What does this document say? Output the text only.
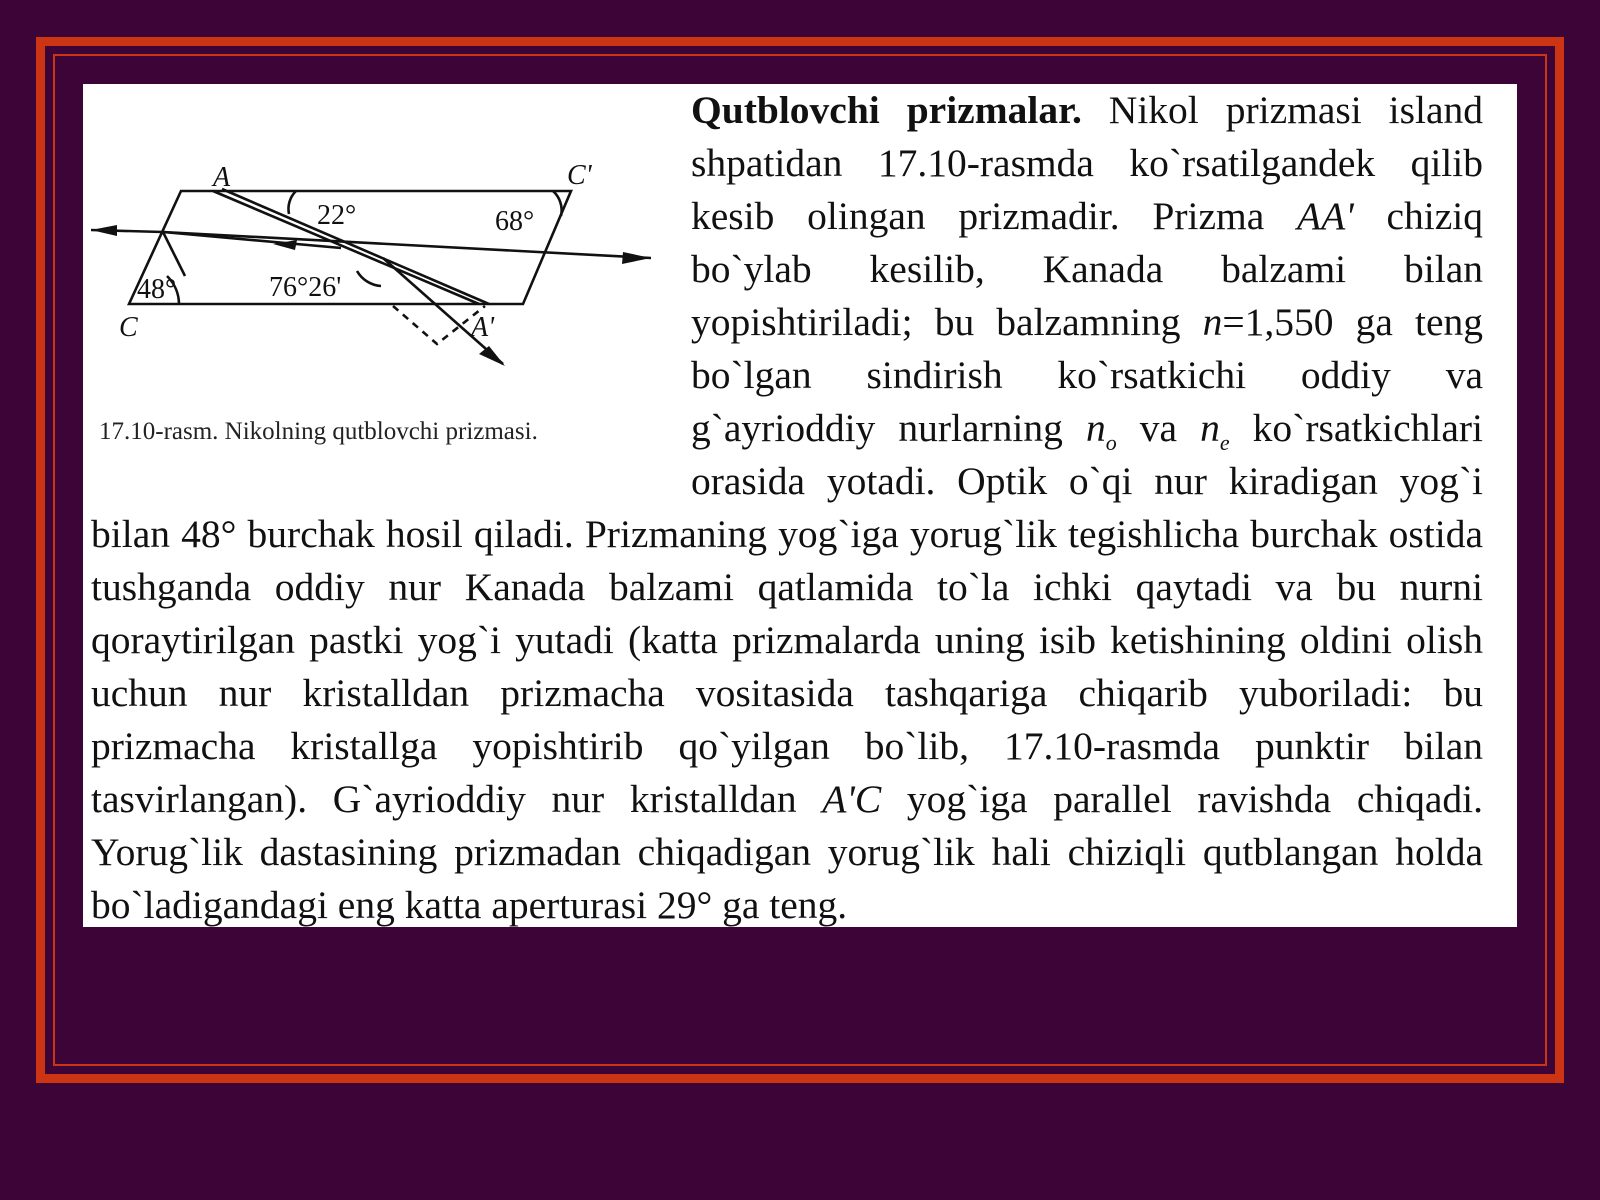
A	C'
C	A'
22°	68°
48°	76°26'
17.10-rasm. Nikolning qutblovchi prizmasi.

Qutblovchi prizmalar. Nikol prizmasi island shpatidan 17.10-rasmda ko`rsatilgandek qilib kesib olingan prizmadir. Prizma AA' chiziq bo`ylab kesilib, Kanada balzami bilan yopishtiriladi; bu balzamning n=1,550 ga teng bo`lgan sindirish ko`rsatkichi oddiy va g`ayrioddiy nurlarning $n_o$ va $n_e$ ko`rsatkichlari orasida yotadi. Optik o`qi nur kiradigan yog`i bilan 48° burchak hosil qiladi. Prizmaning yog`iga yorug`lik tegishlicha burchak ostida tushganda oddiy nur Kanada balzami qatlamida to`la ichki qaytadi va bu nurni qoraytirilgan pastki yog`i yutadi (katta prizmalarda uning isib ketishining oldini olish uchun nur kristalldan prizmacha vositasida tashqariga chiqarib yuboriladi: bu prizmacha kristallga yopishtirib qo`yilgan bo`lib, 17.10-rasmda punktir bilan tasvirlangan). G`ayrioddiy nur kristalldan A'C yog`iga parallel ravishda chiqadi. Yorug`lik dastasining prizmadan chiqadigan yorug`lik hali chiziqli qutblangan holda bo`ladigandagi eng katta aperturasi 29° ga teng.
